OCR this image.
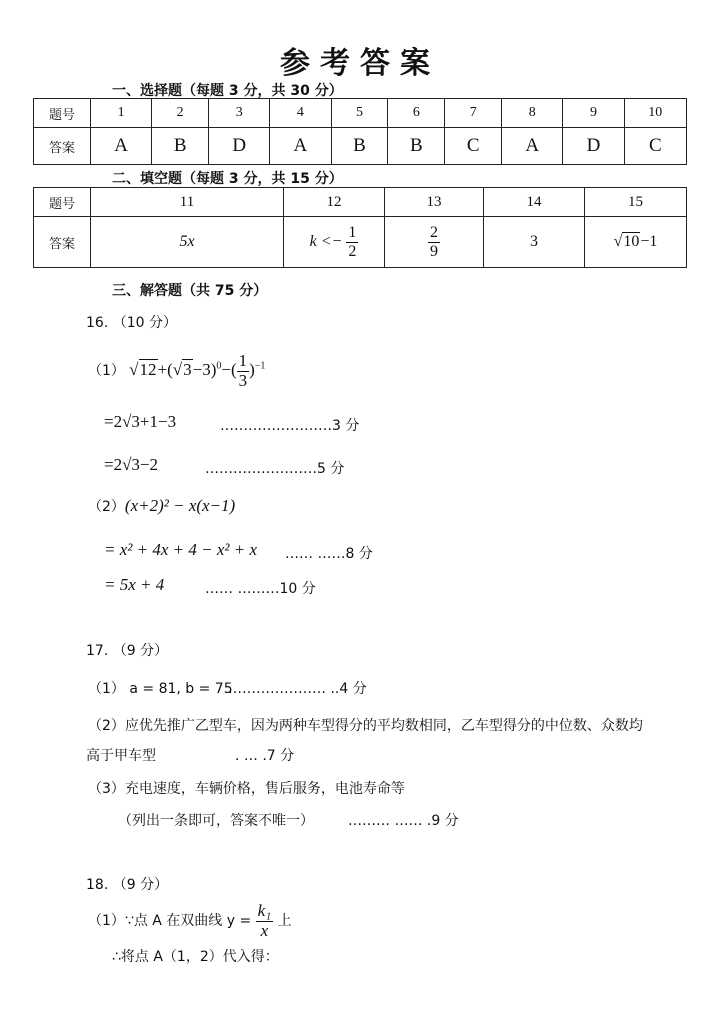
参考答案
一、选择题（每题 3 分，共 30 分）
题号	1	2	3	4	5	6	7	8	9	10
答案	A	B	D	A	B	B	C	A	D	C
二、填空题（每题 3 分，共 15 分）
题号	11	12	13	14	15
答案	5x	$k <- \frac{1}{2}$	$\frac{2}{9}$	3	√10−1
三、解答题（共 75 分）
16. （10 分）
（1） $√12+(√3-3)^0-( \frac{1}{3} )^{-1}$
=2√3+1−3	……………………3 分
=2√3−2	……………………5 分
（2）(x+2)² − x(x−1)
= x² + 4x + 4 − x² + x …… ……8 分
= 5x + 4	…… ………10 分
17. （9 分）
（1） a = 81, b = 75
………………… ..4 分
（2）应优先推广乙型车，因为两种车型得分的平均数相同，乙车型得分的中位数、众数均
高于甲车型	. … .7 分
（3）充电速度，车辆价格，售后服务，电池寿命等
（列出一条即可，答案不唯一） ……… …… .9 分
18. （9 分）
（1）∵点 A 在双曲线 $y = \frac{\text{k₁}}{x}$ 上
∴将点 A（1，2）代入得：
